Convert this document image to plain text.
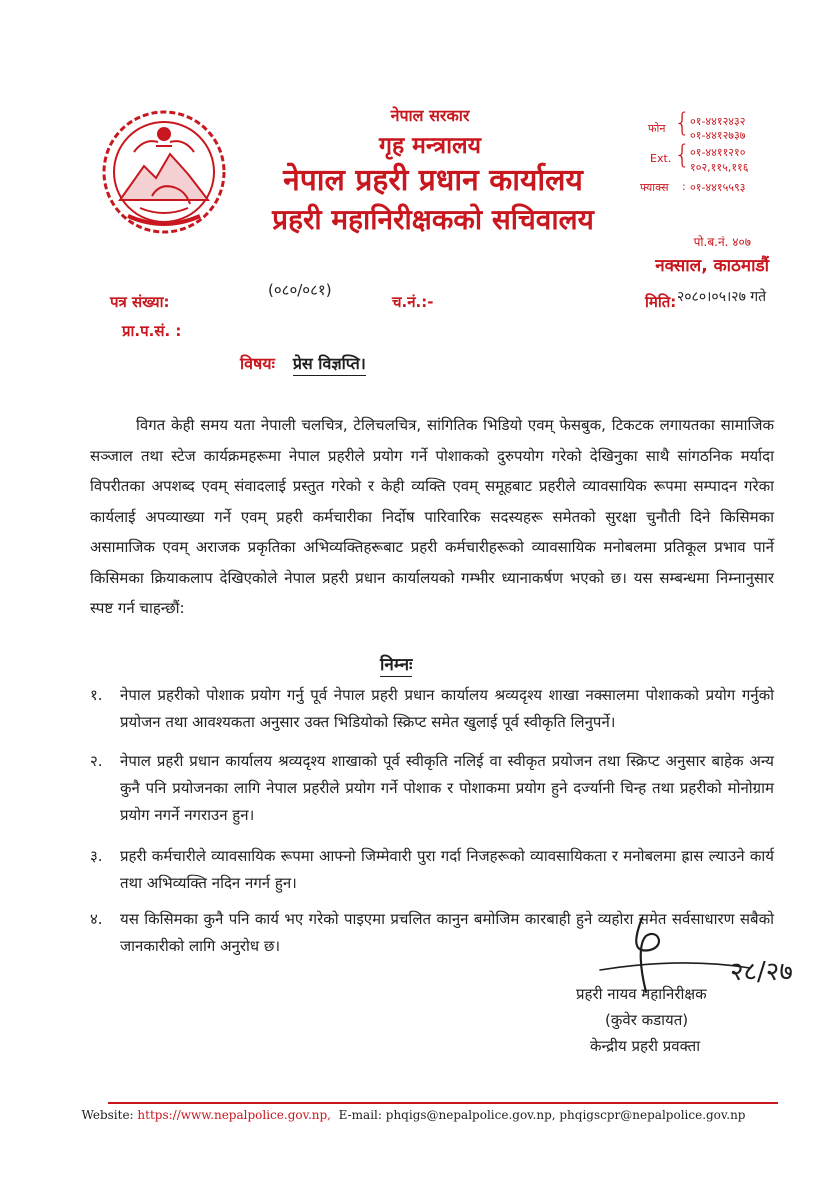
नेपाल सरकार
गृह मन्त्रालय
नेपाल प्रहरी प्रधान कार्यालय
प्रहरी महानिरीक्षकको सचिवालय
फोन { ०१-४४१२४३२
०१-४४१२७३७
Ext. { ०१-४४११२१०
१०२,११५,११६
फ्याक्स : ०१-४४१५५९३
पो.ब.नं. ४०७
नक्साल, काठमाडौं
पत्र संख्या:
(०८०/०८१)
च.नं.:-	मिति: २०८०।०५।२७ गते
प्रा.प.सं. :
विषयः प्रेस विज्ञप्ति।

विगत केही समय यता नेपाली चलचित्र, टेलिचलचित्र, सांगितिक भिडियो एवम् फेसबुक, टिकटक लगायतका सामाजिक सञ्जाल तथा स्टेज कार्यक्रमहरूमा नेपाल प्रहरीले प्रयोग गर्ने पोशाकको दुरुपयोग गरेको देखिनुका साथै सांगठनिक मर्यादा विपरीतका अपशब्द एवम् संवादलाई प्रस्तुत गरेको र केही व्यक्ति एवम् समूहबाट प्रहरीले व्यावसायिक रूपमा सम्पादन गरेका कार्यलाई अपव्याख्या गर्ने एवम् प्रहरी कर्मचारीका निर्दोष पारिवारिक सदस्यहरू समेतको सुरक्षा चुनौती दिने किसिमका असामाजिक एवम् अराजक प्रकृतिका अभिव्यक्तिहरूबाट प्रहरी कर्मचारीहरूको व्यावसायिक मनोबलमा प्रतिकूल प्रभाव पार्ने किसिमका क्रियाकलाप देखिएकोले नेपाल प्रहरी प्रधान कार्यालयको गम्भीर ध्यानाकर्षण भएको छ। यस सम्बन्धमा निम्नानुसार स्पष्ट गर्न चाहन्छौं:

निम्नः
१.	नेपाल प्रहरीको पोशाक प्रयोग गर्नु पूर्व नेपाल प्रहरी प्रधान कार्यालय श्रव्यदृश्य शाखा नक्सालमा पोशाकको प्रयोग गर्नुको प्रयोजन तथा आवश्यकता अनुसार उक्त भिडियोको स्क्रिप्ट समेत खुलाई पूर्व स्वीकृति लिनुपर्ने।
२.	नेपाल प्रहरी प्रधान कार्यालय श्रव्यदृश्य शाखाको पूर्व स्वीकृति नलिई वा स्वीकृत प्रयोजन तथा स्क्रिप्ट अनुसार बाहेक अन्य कुनै पनि प्रयोजनका लागि नेपाल प्रहरीले प्रयोग गर्ने पोशाक र पोशाकमा प्रयोग हुने दर्ज्यानी चिन्ह तथा प्रहरीको मोनोग्राम प्रयोग नगर्ने नगराउन हुन।
३.	प्रहरी कर्मचारीले व्यावसायिक रूपमा आफ्नो जिम्मेवारी पुरा गर्दा निजहरूको व्यावसायिकता र मनोबलमा ह्रास ल्याउने कार्य तथा अभिव्यक्ति नदिन नगर्न हुन।
४.	यस किसिमका कुनै पनि कार्य भए गरेको पाइएमा प्रचलित कानुन बमोजिम कारबाही हुने व्यहोरा समेत सर्वसाधारण सबैको जानकारीको लागि अनुरोध छ।
२८/२७
प्रहरी नायव महानिरीक्षक
(कुवेर कडायत)
केन्द्रीय प्रहरी प्रवक्ता
Website: https://www.nepalpolice.gov.np, E-mail: phqigs@nepalpolice.gov.np, phqigscpr@nepalpolice.gov.np
